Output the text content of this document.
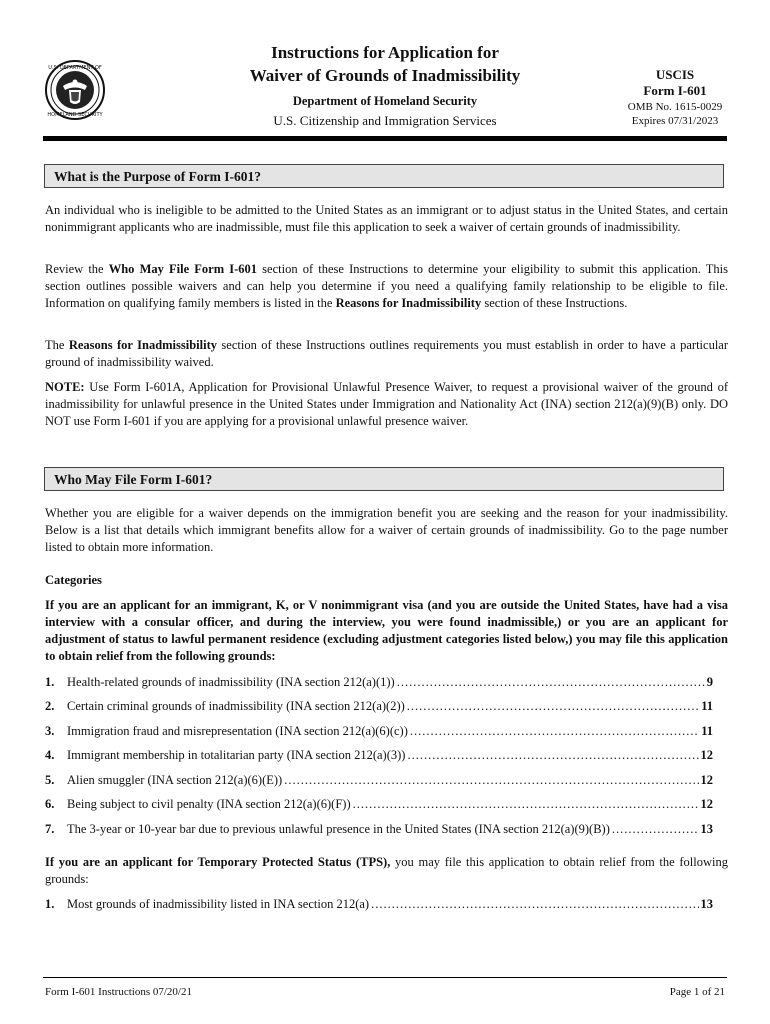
U.S. DEPARTMENT OF
HOMELAND SECURITY
Instructions for Application for
Waiver of Grounds of Inadmissibility
Department of Homeland Security
U.S. Citizenship and Immigration Services
USCIS
Form I-601
OMB No. 1615-0029
Expires 07/31/2023
What is the Purpose of Form I-601?
An individual who is ineligible to be admitted to the United States as an immigrant or to adjust status in the United States, and certain nonimmigrant applicants who are inadmissible, must file this application to seek a waiver of certain grounds of inadmissibility.
Review the Who May File Form I-601 section of these Instructions to determine your eligibility to submit this application. This section outlines possible waivers and can help you determine if you need a qualifying family relationship to be eligible to file. Information on qualifying family members is listed in the Reasons for Inadmissibility section of these Instructions.
The Reasons for Inadmissibility section of these Instructions outlines requirements you must establish in order to have a particular ground of inadmissibility waived.
NOTE: Use Form I-601A, Application for Provisional Unlawful Presence Waiver, to request a provisional waiver of the ground of inadmissibility for unlawful presence in the United States under Immigration and Nationality Act (INA) section 212(a)(9)(B) only. DO NOT use Form I-601 if you are applying for a provisional unlawful presence waiver.
Who May File Form I-601?
Whether you are eligible for a waiver depends on the immigration benefit you are seeking and the reason for your inadmissibility. Below is a list that details which immigrant benefits allow for a waiver of certain grounds of inadmissibility. Go to the page number listed to obtain more information.
Categories
If you are an applicant for an immigrant, K, or V nonimmigrant visa (and you are outside the United States, have had a visa interview with a consular officer, and during the interview, you were found inadmissible,) or you are an applicant for adjustment of status to lawful permanent residence (excluding adjustment categories listed below,) you may file this application to obtain relief from the following grounds:
1.	Health-related grounds of inadmissibility (INA section 212(a)(1)) .....	9
2.	Certain criminal grounds of inadmissibility (INA section 212(a)(2)) .....	11
3.	Immigration fraud and misrepresentation (INA section 212(a)(6)(c)) .....	11
4.	Immigrant membership in totalitarian party (INA section 212(a)(3)) .....	12
5.	Alien smuggler (INA section 212(a)(6)(E)) .....	12
6.	Being subject to civil penalty (INA section 212(a)(6)(F)) .....	12
7.	The 3-year or 10-year bar due to previous unlawful presence in the United States (INA section 212(a)(9)(B)) .....	13
If you are an applicant for Temporary Protected Status (TPS), you may file this application to obtain relief from the following grounds:
1.	Most grounds of inadmissibility listed in INA section 212(a) .....	13
Form I-601 Instructions 07/20/21	Page 1 of 21
